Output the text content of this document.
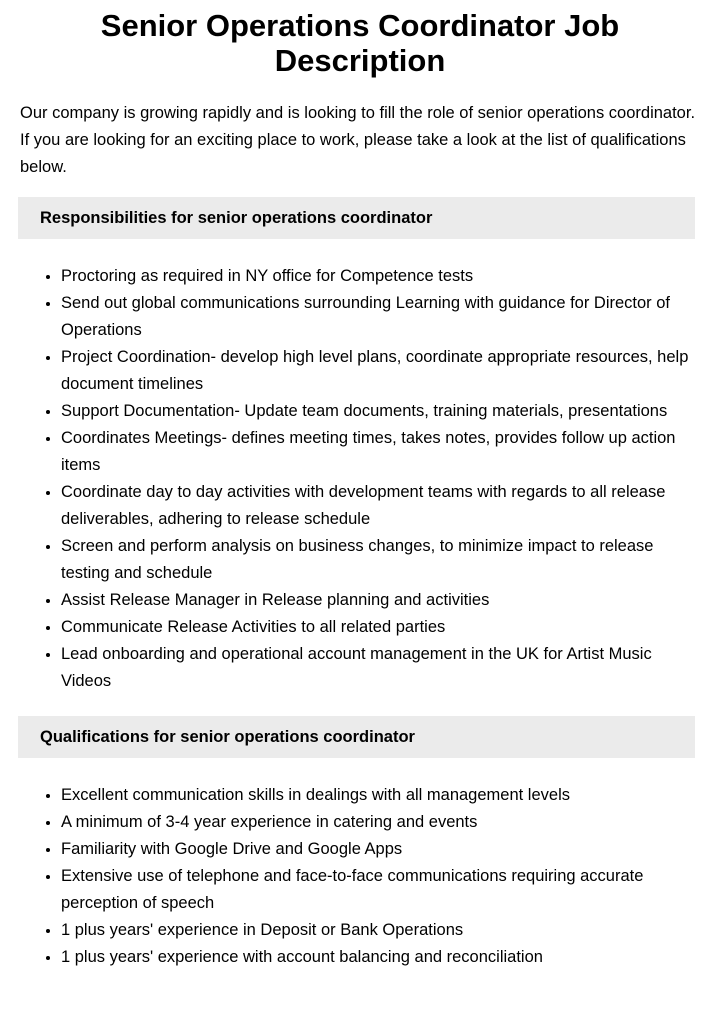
Senior Operations Coordinator Job Description

Our company is growing rapidly and is looking to fill the role of senior operations coordinator. If you are looking for an exciting place to work, please take a look at the list of qualifications below.

Responsibilities for senior operations coordinator
• Proctoring as required in NY office for Competence tests
• Send out global communications surrounding Learning with guidance for Director of Operations
• Project Coordination- develop high level plans, coordinate appropriate resources, help document timelines
• Support Documentation- Update team documents, training materials, presentations
• Coordinates Meetings- defines meeting times, takes notes, provides follow up action items
• Coordinate day to day activities with development teams with regards to all release deliverables, adhering to release schedule
• Screen and perform analysis on business changes, to minimize impact to release testing and schedule
• Assist Release Manager in Release planning and activities
• Communicate Release Activities to all related parties
• Lead onboarding and operational account management in the UK for Artist Music Videos
Qualifications for senior operations coordinator
• Excellent communication skills in dealings with all management levels
• A minimum of 3-4 year experience in catering and events
• Familiarity with Google Drive and Google Apps
• Extensive use of telephone and face-to-face communications requiring accurate perception of speech
• 1 plus years' experience in Deposit or Bank Operations
• 1 plus years' experience with account balancing and reconciliation
